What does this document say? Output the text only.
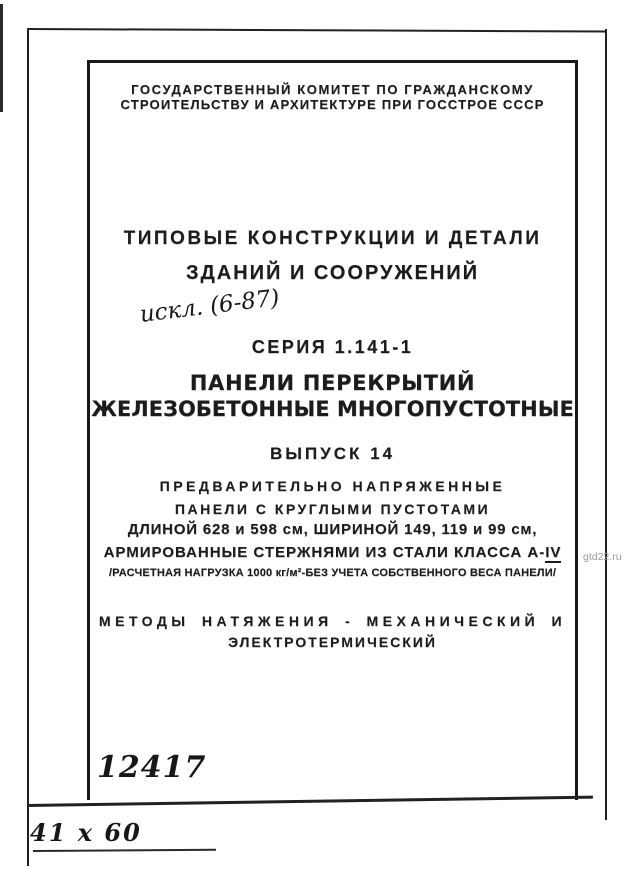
ГОСУДАРСТВЕННЫЙ КОМИТЕТ ПО ГРАЖДАНСКОМУ
СТРОИТЕЛЬСТВУ И АРХИТЕКТУРЕ ПРИ ГОССТРОЕ СССР
ТИПОВЫЕ КОНСТРУКЦИИ И ДЕТАЛИ
ЗДАНИЙ И СООРУЖЕНИЙ
искл. (6-87)
СЕРИЯ 1.141-1
ПАНЕЛИ ПЕРЕКРЫТИЙ
ЖЕЛЕЗОБЕТОННЫЕ МНОГОПУСТОТНЫЕ
ВЫПУСК 14
ПРЕДВАРИТЕЛЬНО НАПРЯЖЕННЫЕ
ПАНЕЛИ С КРУГЛЫМИ ПУСТОТАМИ
ДЛИНОЙ 628 и 598 см, ШИРИНОЙ 149, 119 и 99 см,
АРМИРОВАННЫЕ СТЕРЖНЯМИ ИЗ СТАЛИ КЛАССА А-IV
/РАСЧЕТНАЯ НАГРУЗКА 1000 кг/м²-БЕЗ УЧЕТА СОБСТВЕННОГО ВЕСА ПАНЕЛИ/
МЕТОДЫ НАТЯЖЕНИЯ - МЕХАНИЧЕСКИЙ И
ЭЛЕКТРОТЕРМИЧЕСКИЙ
12417
41 х 60
gtd22.ru
